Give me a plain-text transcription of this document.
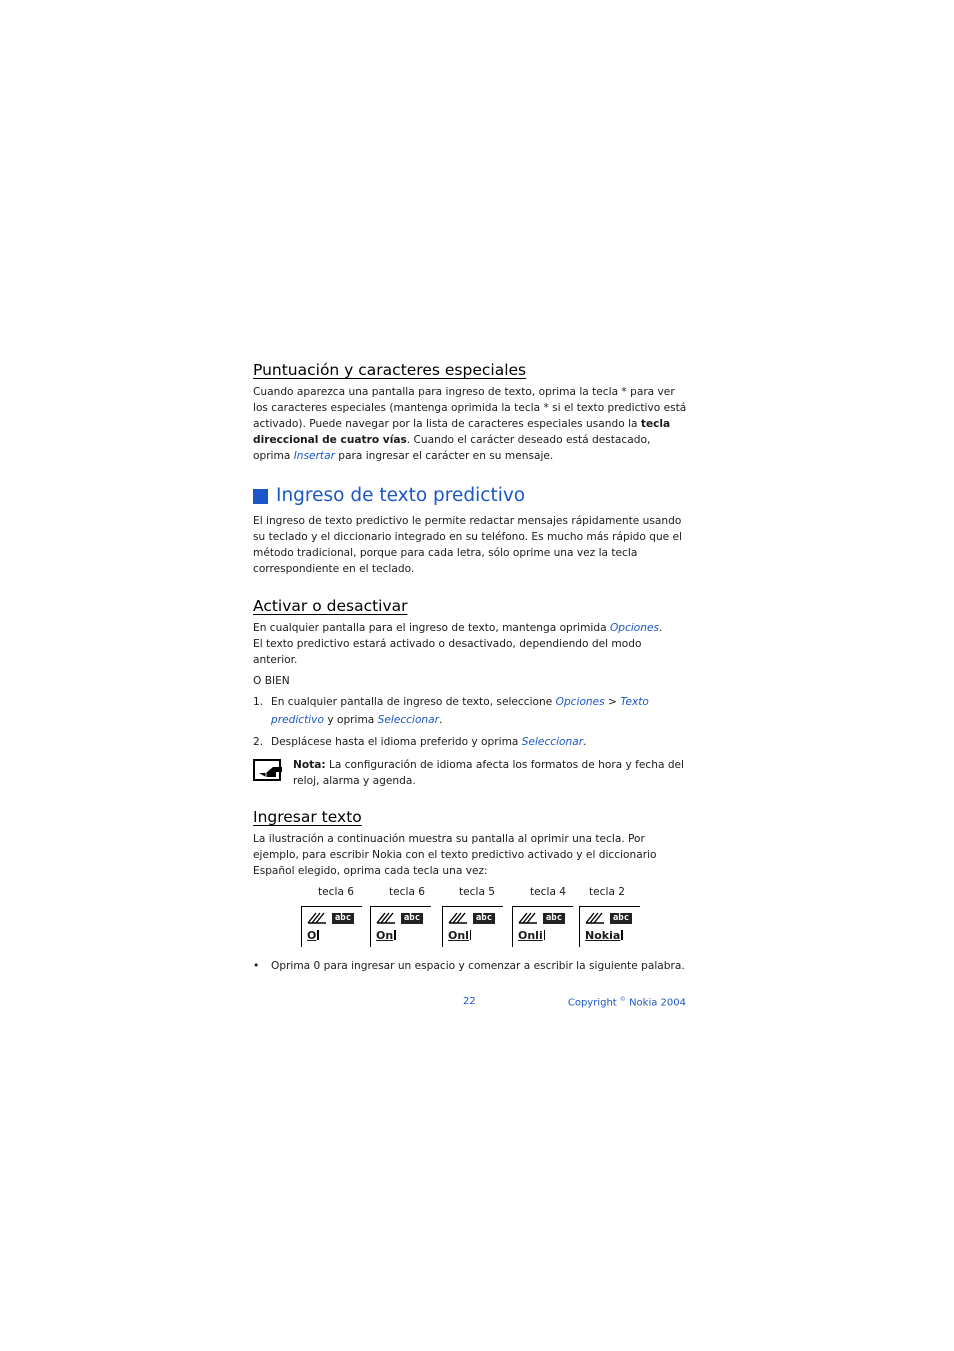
Puntuación y caracteres especiales

Cuando aparezca una pantalla para ingreso de texto, oprima la tecla * para ver los caracteres especiales (mantenga oprimida la tecla * si el texto predictivo está activado). Puede navegar por la lista de caracteres especiales usando la tecla direccional de cuatro vías. Cuando el carácter deseado está destacado, oprima Insertar para ingresar el carácter en su mensaje.

Ingreso de texto predictivo

El ingreso de texto predictivo le permite redactar mensajes rápidamente usando su teclado y el diccionario integrado en su teléfono. Es mucho más rápido que el método tradicional, porque para cada letra, sólo oprime una vez la tecla correspondiente en el teclado.

Activar o desactivar

En cualquier pantalla para el ingreso de texto, mantenga oprimida Opciones.

El texto predictivo estará activado o desactivado, dependiendo del modo anterior.

O BIEN

1. En cualquier pantalla de ingreso de texto, seleccione Opciones > Texto predictivo y oprima Seleccionar.
2. Desplácese hasta el idioma preferido y oprima Seleccionar.

Nota: La configuración de idioma afecta los formatos de hora y fecha del reloj, alarma y agenda.

Ingresar texto

La ilustración a continuación muestra su pantalla al oprimir una tecla. Por ejemplo, para escribir Nokia con el texto predictivo activado y el diccionario Español elegido, oprima cada tecla una vez:

tecla 6	tecla 6	tecla 5	tecla 4 tecla 2
abc
O
abc
On
abc
Onl
abc
Onli
abc
Nokia
•	Oprima 0 para ingresar un espacio y comenzar a escribir la siguiente palabra.
22	Copyright © Nokia 2004
